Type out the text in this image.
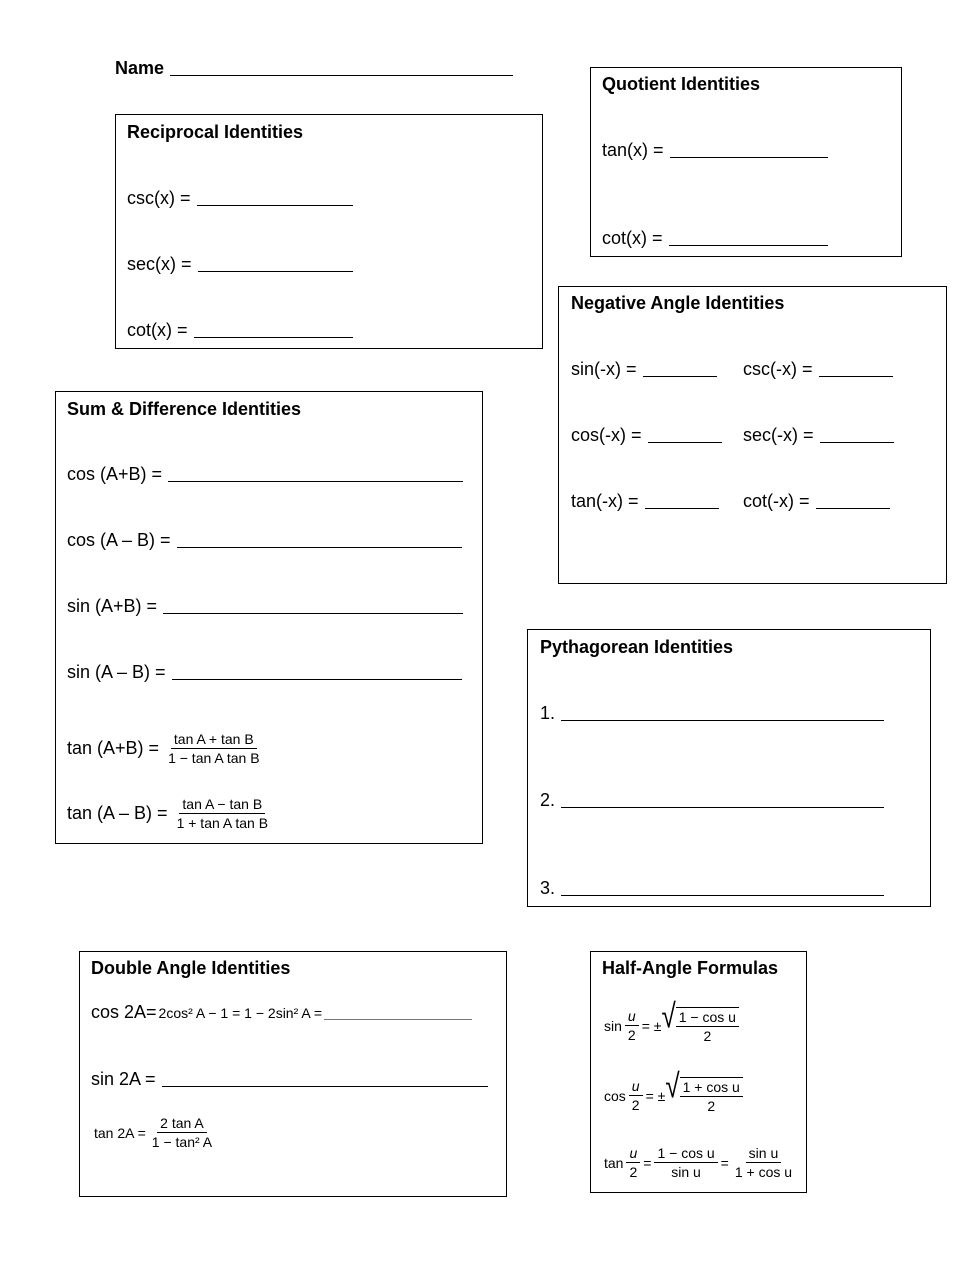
Name
Reciprocal Identities
csc(x) =
sec(x) =
cot(x) =
Quotient Identities
tan(x) =
cot(x) =
Negative Angle Identities
sin(-x) =	csc(-x) =
cos(-x) =	sec(-x) =
tan(-x) =	cot(-x) =
Sum & Difference Identities
cos (A+B) =
cos (A – B) =
sin (A+B) =
sin (A – B) =
$\tan (A+B) = \frac{\text{tan A + tan B}}{\text{1 − tan A tan B}}$
$\tan (A - B) = \frac{\text{tan A − tan B}}{\text{1 + tan A tan B}}$
Pythagorean Identities
1.
2.
3.
Double Angle Identities
cos 2A= 2cos² A − 1 = 1 − 2sin² A =
sin 2A =
$\tan 2A = \frac{\text{2 tan A}}{\text{1 − tan² A}}$
Half-Angle Formulas
$\sin \frac{u}{2}$ = ± √ $\frac{\text{1 − cos u}}{2}$
$\cos \frac{u}{2}$ = ± √ $\frac{\text{1 + cos u}}{2}$
$\tan \frac{u}{2} = \frac{\text{1 − cos u}}{\text{sin u}} = \frac{\text{sin u}}{\text{1 + cos u}}$
